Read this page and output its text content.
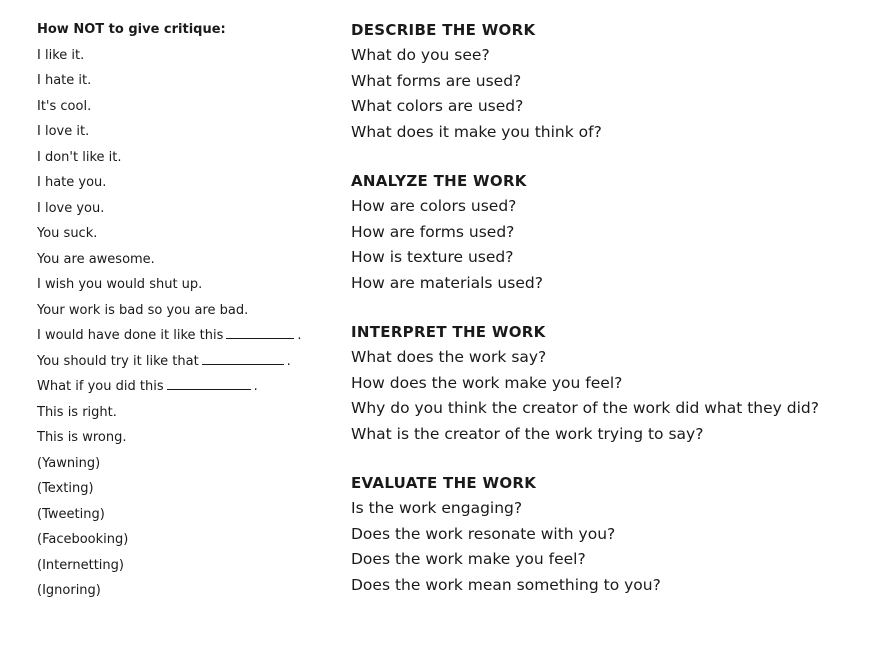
How NOT to give critique:
I like it.
I hate it.
It's cool.
I love it.
I don't like it.
I hate you.
I love you.
You suck.
You are awesome.
I wish you would shut up.
Your work is bad so you are bad.
I would have done it like this	.
You should try it like that	.
What if you did this	.
This is right.
This is wrong.
(Yawning)
(Texting)
(Tweeting)
(Facebooking)
(Internetting)
(Ignoring)
DESCRIBE THE WORK
What do you see?
What forms are used?
What colors are used?
What does it make you think of?
ANALYZE THE WORK
How are colors used?
How are forms used?
How is texture used?
How are materials used?
INTERPRET THE WORK
What does the work say?
How does the work make you feel?
Why do you think the creator of the work did what they did?
What is the creator of the work trying to say?
EVALUATE THE WORK
Is the work engaging?
Does the work resonate with you?
Does the work make you feel?
Does the work mean something to you?
